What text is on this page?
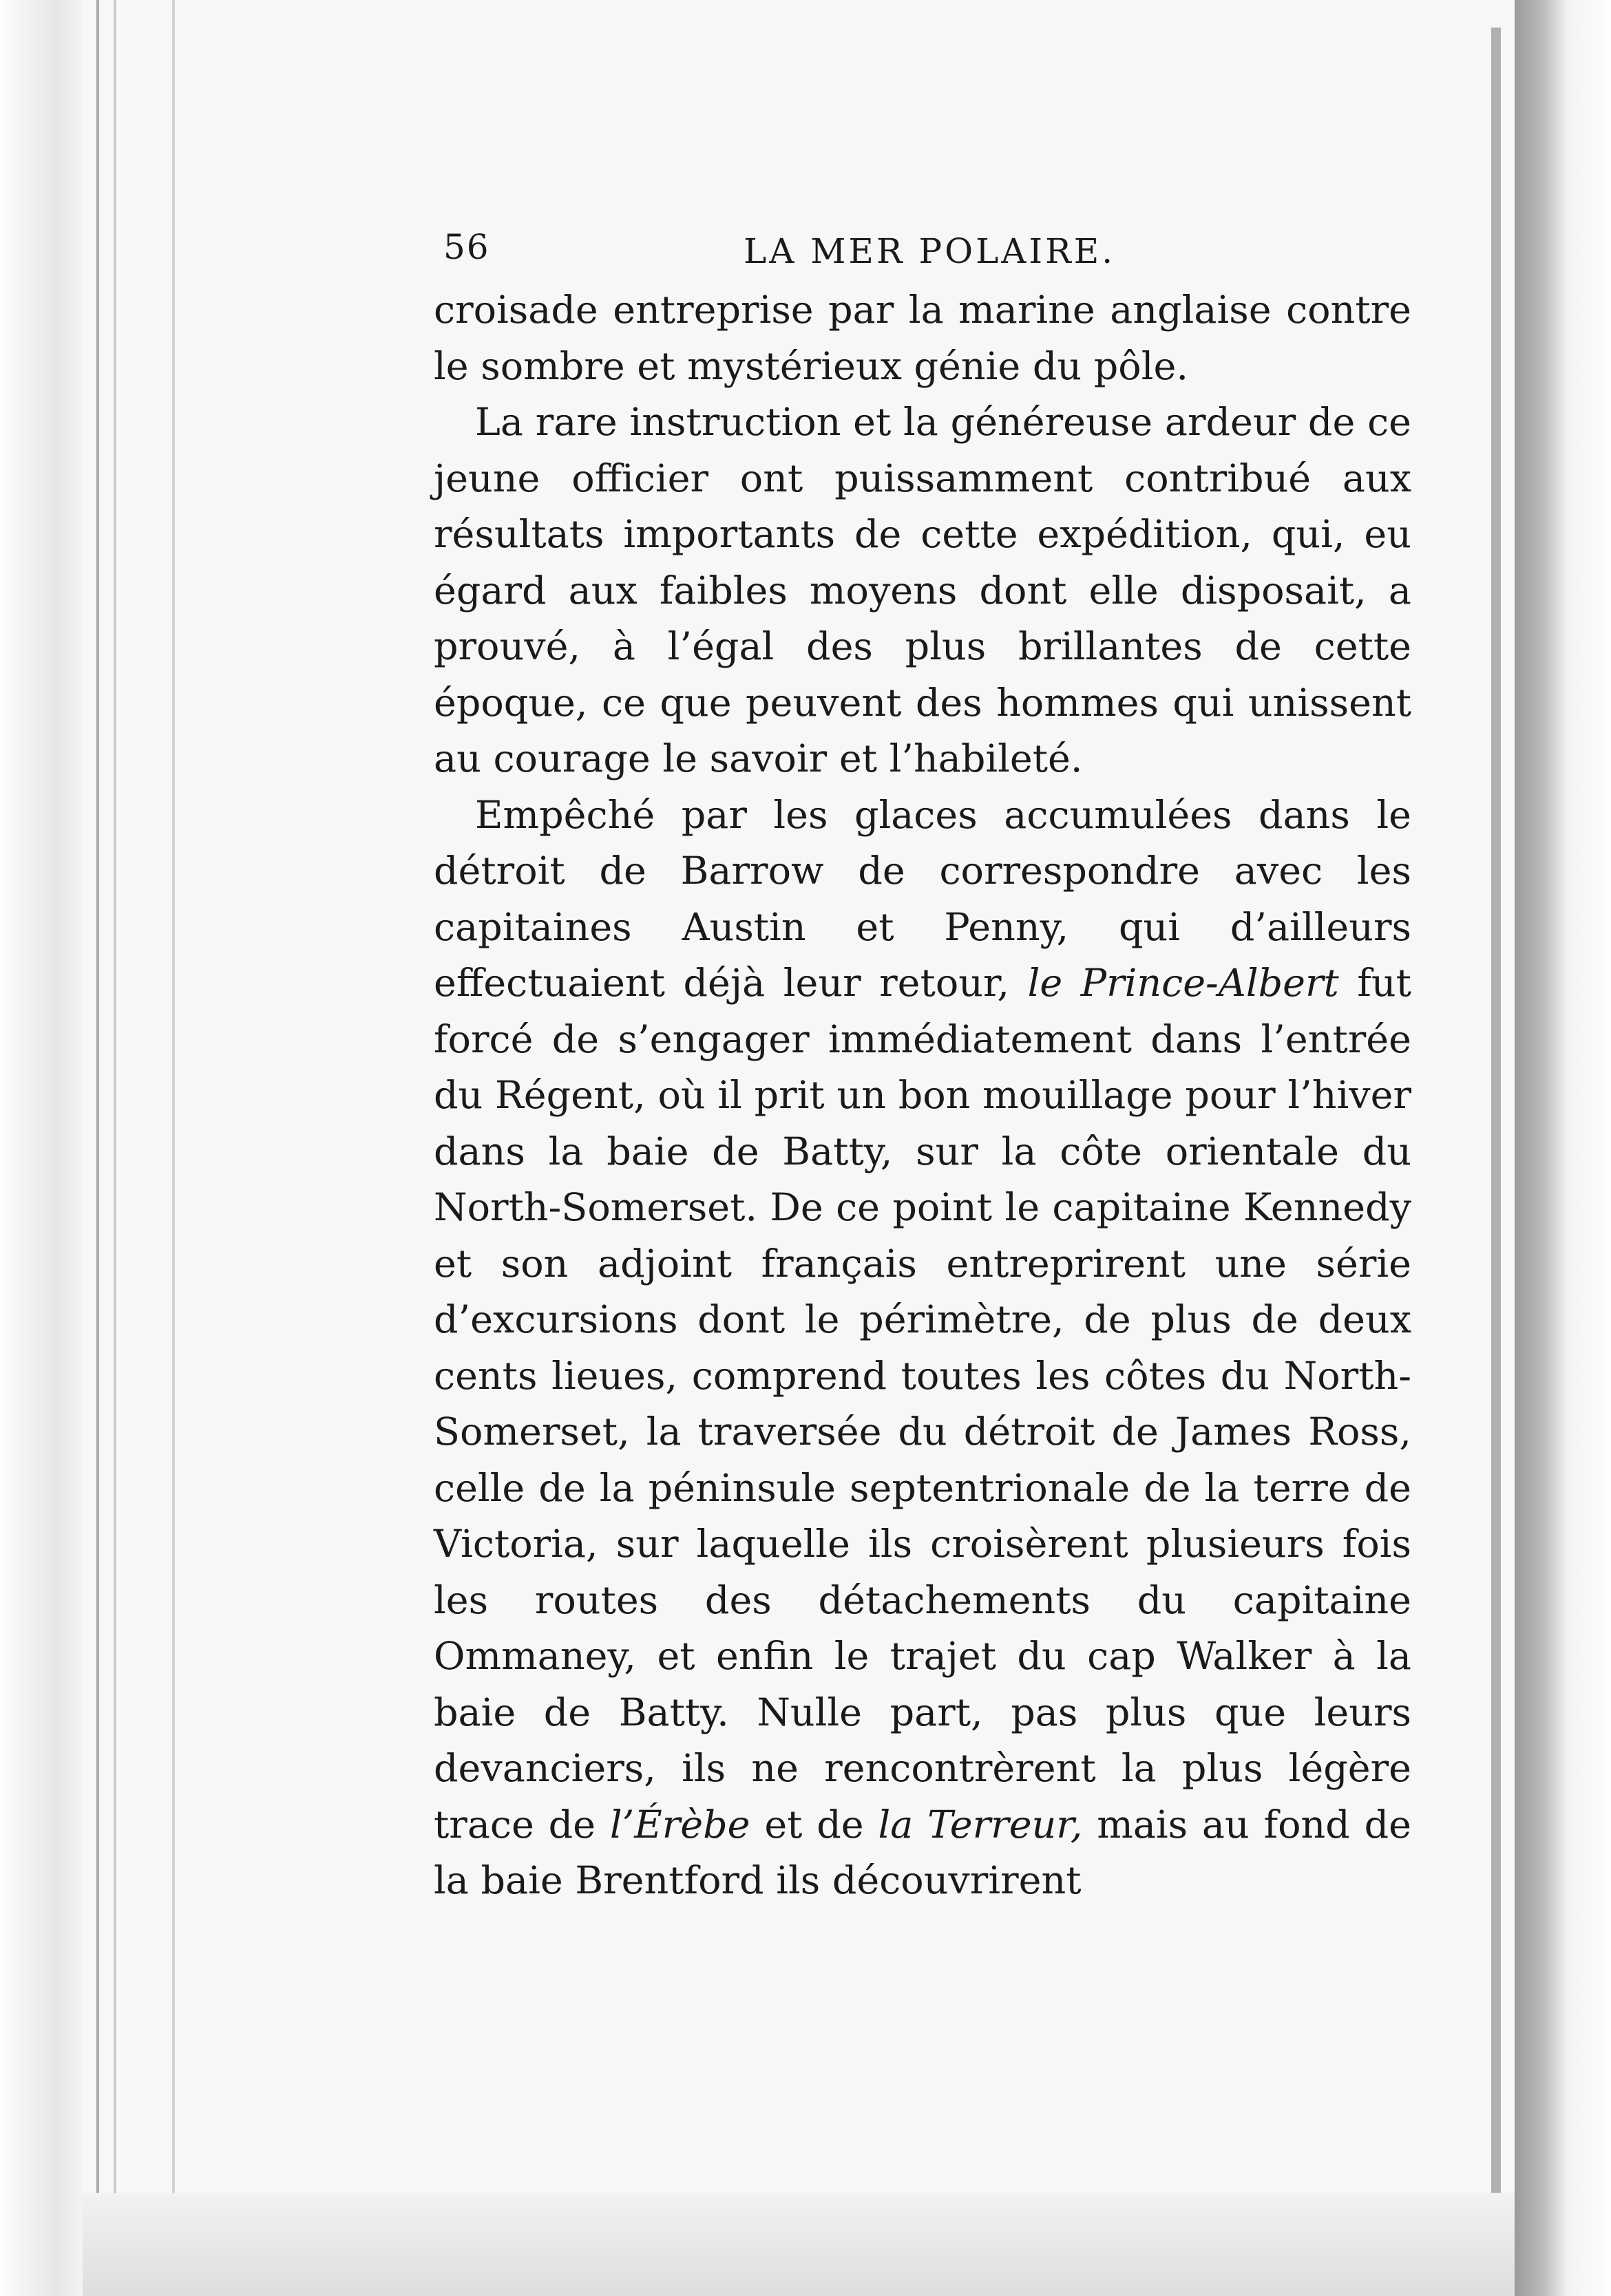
56	LA MER POLAIRE.

croisade entreprise par la marine anglaise contre le sombre et mystérieux génie du pôle.

La rare instruction et la généreuse ardeur de ce jeune officier ont puissamment contribué aux résultats importants de cette expédition, qui, eu égard aux faibles moyens dont elle disposait, a prouvé, à l’égal des plus brillantes de cette époque, ce que peuvent des hommes qui unissent au courage le savoir et l’habileté.

Empêché par les glaces accumulées dans le détroit de Barrow de correspondre avec les capitaines Austin et Penny, qui d’ailleurs effectuaient déjà leur retour, le Prince-Albert fut forcé de s’engager immédiatement dans l’entrée du Régent, où il prit un bon mouillage pour l’hiver dans la baie de Batty, sur la côte orientale du North-Somerset. De ce point le capitaine Kennedy et son adjoint français entreprirent une série d’excursions dont le périmètre, de plus de deux cents lieues, comprend toutes les côtes du North-Somerset, la traversée du détroit de James Ross, celle de la péninsule septentrionale de la terre de Victoria, sur laquelle ils croisèrent plusieurs fois les routes des détachements du capitaine Ommaney, et enfin le trajet du cap Walker à la baie de Batty. Nulle part, pas plus que leurs devanciers, ils ne rencontrèrent la plus légère trace de l’Érèbe et de la Terreur, mais au fond de la baie Brentford ils découvrirent
